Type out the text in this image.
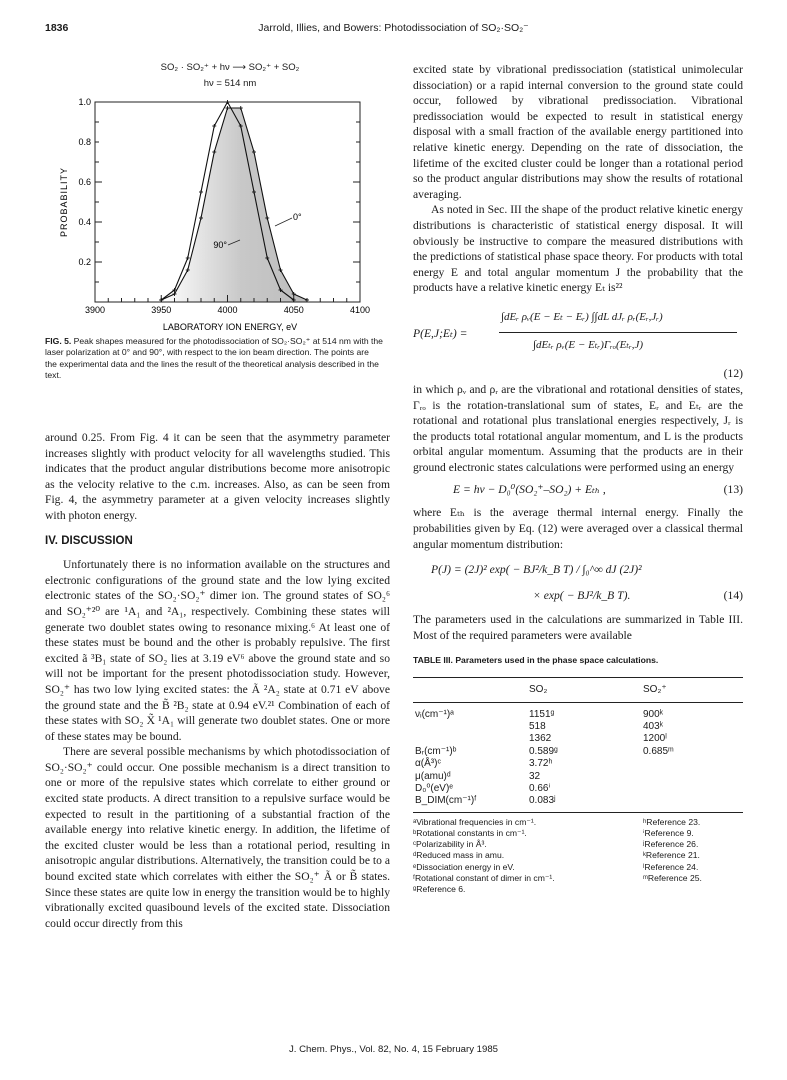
1836	Jarrold, Illies, and Bowers: Photodissociation of SO₂·SO₂⁻
SO₂ · SO₂⁺ + hν ⟶ SO₂⁺ + SO₂
hν = 514 nm
0.2
0.4
0.6
0.8
1.0
3900	3950	4000	4050	4100
PROBABILITY
LABORATORY ION ENERGY, eV
90°
0°
FIG. 5. Peak shapes measured for the photodissociation of SO₂·SO₂⁺ at 514 nm with the laser polarization at 0° and 90°, with respect to the ion beam direction. The points are the experimental data and the lines the result of the theoretical analysis described in the text.

around 0.25. From Fig. 4 it can be seen that the asymmetry parameter increases slightly with product velocity for all wavelengths studied. This indicates that the product angular distributions become more anisotropic as the velocity relative to the c.m. increases. Also, as can be seen from Fig. 4, the asymmetry parameter at a given velocity increases slightly with photon energy.

IV. DISCUSSION

Unfortunately there is no information available on the structures and electronic configurations of the ground state and the low lying excited electronic states of the SO₂·SO₂⁺ dimer ion. The ground states of SO₂⁶ and SO₂⁺²⁰ are ¹A₁ and ²A₁, respectively. Combining these states will generate two doublet states owing to resonance mixing.⁶ At least one of these states must be bound and the other is probably repulsive. The first excited ã ³B₁ state of SO₂ lies at 3.19 eV⁶ above the ground state and so will not be important for the present photodissociation study. However, SO₂⁺ has two low lying excited states: the Ã ²A₂ state at 0.71 eV above the ground state and the B̃ ²B₂ state at 0.94 eV.²¹ Combination of each of these states with SO₂ X̃ ¹A₁ will generate two doublet states. One or more of these states may be bound.

There are several possible mechanisms by which photodissociation of SO₂·SO₂⁺ could occur. One possible mechanism is a direct transition to one or more of the repulsive states which correlate to either ground or excited state products. A direct transition to a repulsive surface would be expected to result in the partitioning of a substantial fraction of the available energy into relative kinetic energy. In addition, the lifetime of the excited cluster would be less than a rotational period, resulting in anisotropic angular distributions. Alternatively, the transition could be to a bound excited state which correlates with either the SO₂⁺ Ã or B̃ states. Since these states are quite low in energy the transition would be to highly vibrationally excited quasibound levels of the excited state. Dissociation could occur directly from this

excited state by vibrational predissociation (statistical unimolecular dissociation) or a rapid internal conversion to the ground state could occur, followed by vibrational predissociation. Vibrational predissociation would be expected to result in statistical energy disposal with a small fraction of the available energy partitioned into relative kinetic energy. Depending on the rate of dissociation, the lifetime of the excited cluster could be longer than a rotational period so the product angular distributions may show the results of rotational averaging.

As noted in Sec. III the shape of the product relative kinetic energy distributions is characteristic of statistical energy disposal. It will obviously be instructive to compare the measured distributions with the predictions of statistical phase space theory. For products with total energy E and total angular momentum J the probability that the products have a relative kinetic energy Eₜ is²²

P(E,J;Eₜ) =
∫dEᵣ ρᵥ(E − Eₜ − Eᵣ) ∫∫dL dJᵣ ρᵣ(Eᵣ,Jᵣ)
∫dEₜᵣ ρᵥ(E − Eₜᵣ)Γᵣₒ(Eₜᵣ,J)
(12)

in which ρᵥ and ρᵣ are the vibrational and rotational densities of states, Γᵣₒ is the rotation-translational sum of states, Eᵣ and Eₜᵣ are the rotational and rotational plus translational energies respectively, Jᵣ is the products total rotational angular momentum, and L is the products orbital angular momentum. Assuming that the products are in their ground electronic states calculations were performed using an energy

E = hν − D₀⁰(SO₂⁺–SO₂) + Eₜₕ ,	(13)

where Eₜₕ is the average thermal internal energy. Finally the probabilities given by Eq. (12) were averaged over a classical thermal angular momentum distribution:

P(J) = (2J)² exp( − BJ²/k_B T) / ∫₀^∞ dJ (2J)²
× exp( − BJ²/k_B T).	(14)

The parameters used in the calculations are summarized in Table III. Most of the required parameters were available

TABLE III. Parameters used in the phase space calculations.
	SO₂	SO₂⁺

νᵢ(cm⁻¹)ᵃ	1151ᵍ	900ᵏ
	518	403ᵏ
	1362	1200ˡ
Bᵣ(cm⁻¹)ᵇ	0.589ᵍ	0.685ᵐ
α(Å³)ᶜ	3.72ʰ	
μ(amu)ᵈ	32	
D₀⁰(eV)ᵉ	0.66ⁱ	
B_DIM(cm⁻¹)ᶠ	0.083ʲ	
ᵃVibrational frequencies in cm⁻¹.
ᵇRotational constants in cm⁻¹.
ᶜPolarizability in Å³.
ᵈReduced mass in amu.
ᵉDissociation energy in eV.
ᶠRotational constant of dimer in cm⁻¹.
ᵍReference 6.
ʰReference 23.
ⁱReference 9.
ʲReference 26.
ᵏReference 21.
ˡReference 24.
ᵐReference 25.
J. Chem. Phys., Vol. 82, No. 4, 15 February 1985
